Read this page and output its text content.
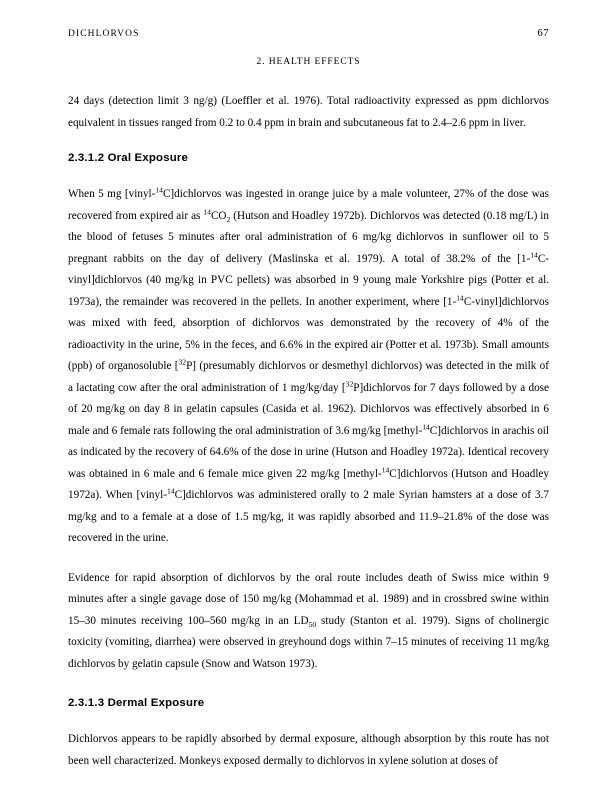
DICHLORVOS	67
2. HEALTH EFFECTS

24 days (detection limit 3 ng/g) (Loeffler et al. 1976). Total radioactivity expressed as ppm dichlorvos equivalent in tissues ranged from 0.2 to 0.4 ppm in brain and subcutaneous fat to 2.4–2.6 ppm in liver.

2.3.1.2 Oral Exposure

When 5 mg [vinyl-$^{14}$C]dichlorvos was ingested in orange juice by a male volunteer, 27% of the dose was recovered from expired air as $^{14}CO_2$ (Hutson and Hoadley 1972b). Dichlorvos was detected (0.18 mg/L) in the blood of fetuses 5 minutes after oral administration of 6 mg/kg dichlorvos in sunflower oil to 5 pregnant rabbits on the day of delivery (Maslinska et al. 1979). A total of 38.2% of the [1-$^{14}$C-vinyl]dichlorvos (40 mg/kg in PVC pellets) was absorbed in 9 young male Yorkshire pigs (Potter et al. 1973a), the remainder was recovered in the pellets. In another experiment, where [1-$^{14}$C-vinyl]dichlorvos was mixed with feed, absorption of dichlorvos was demonstrated by the recovery of 4% of the radioactivity in the urine, 5% in the feces, and 6.6% in the expired air (Potter et al. 1973b). Small amounts (ppb) of organosoluble [$^{32}$P] (presumably dichlorvos or desmethyl dichlorvos) was detected in the milk of a lactating cow after the oral administration of 1 mg/kg/day [$^{32}$P]dichlorvos for 7 days followed by a dose of 20 mg/kg on day 8 in gelatin capsules (Casida et al. 1962). Dichlorvos was effectively absorbed in 6 male and 6 female rats following the oral administration of 3.6 mg/kg [methyl-$^{14}$C]dichlorvos in arachis oil as indicated by the recovery of 64.6% of the dose in urine (Hutson and Hoadley 1972a). Identical recovery was obtained in 6 male and 6 female mice given 22 mg/kg [methyl-$^{14}$C]dichlorvos (Hutson and Hoadley 1972a). When [vinyl-$^{14}$C]dichlorvos was administered orally to 2 male Syrian hamsters at a dose of 3.7 mg/kg and to a female at a dose of 1.5 mg/kg, it was rapidly absorbed and 11.9–21.8% of the dose was recovered in the urine.

Evidence for rapid absorption of dichlorvos by the oral route includes death of Swiss mice within 9 minutes after a single gavage dose of 150 mg/kg (Mohammad et al. 1989) and in crossbred swine within 15–30 minutes receiving 100–560 mg/kg in an $LD_{50}$ study (Stanton et al. 1979). Signs of cholinergic toxicity (vomiting, diarrhea) were observed in greyhound dogs within 7–15 minutes of receiving 11 mg/kg dichlorvos by gelatin capsule (Snow and Watson 1973).

2.3.1.3 Dermal Exposure

Dichlorvos appears to be rapidly absorbed by dermal exposure, although absorption by this route has not been well characterized. Monkeys exposed dermally to dichlorvos in xylene solution at doses of
